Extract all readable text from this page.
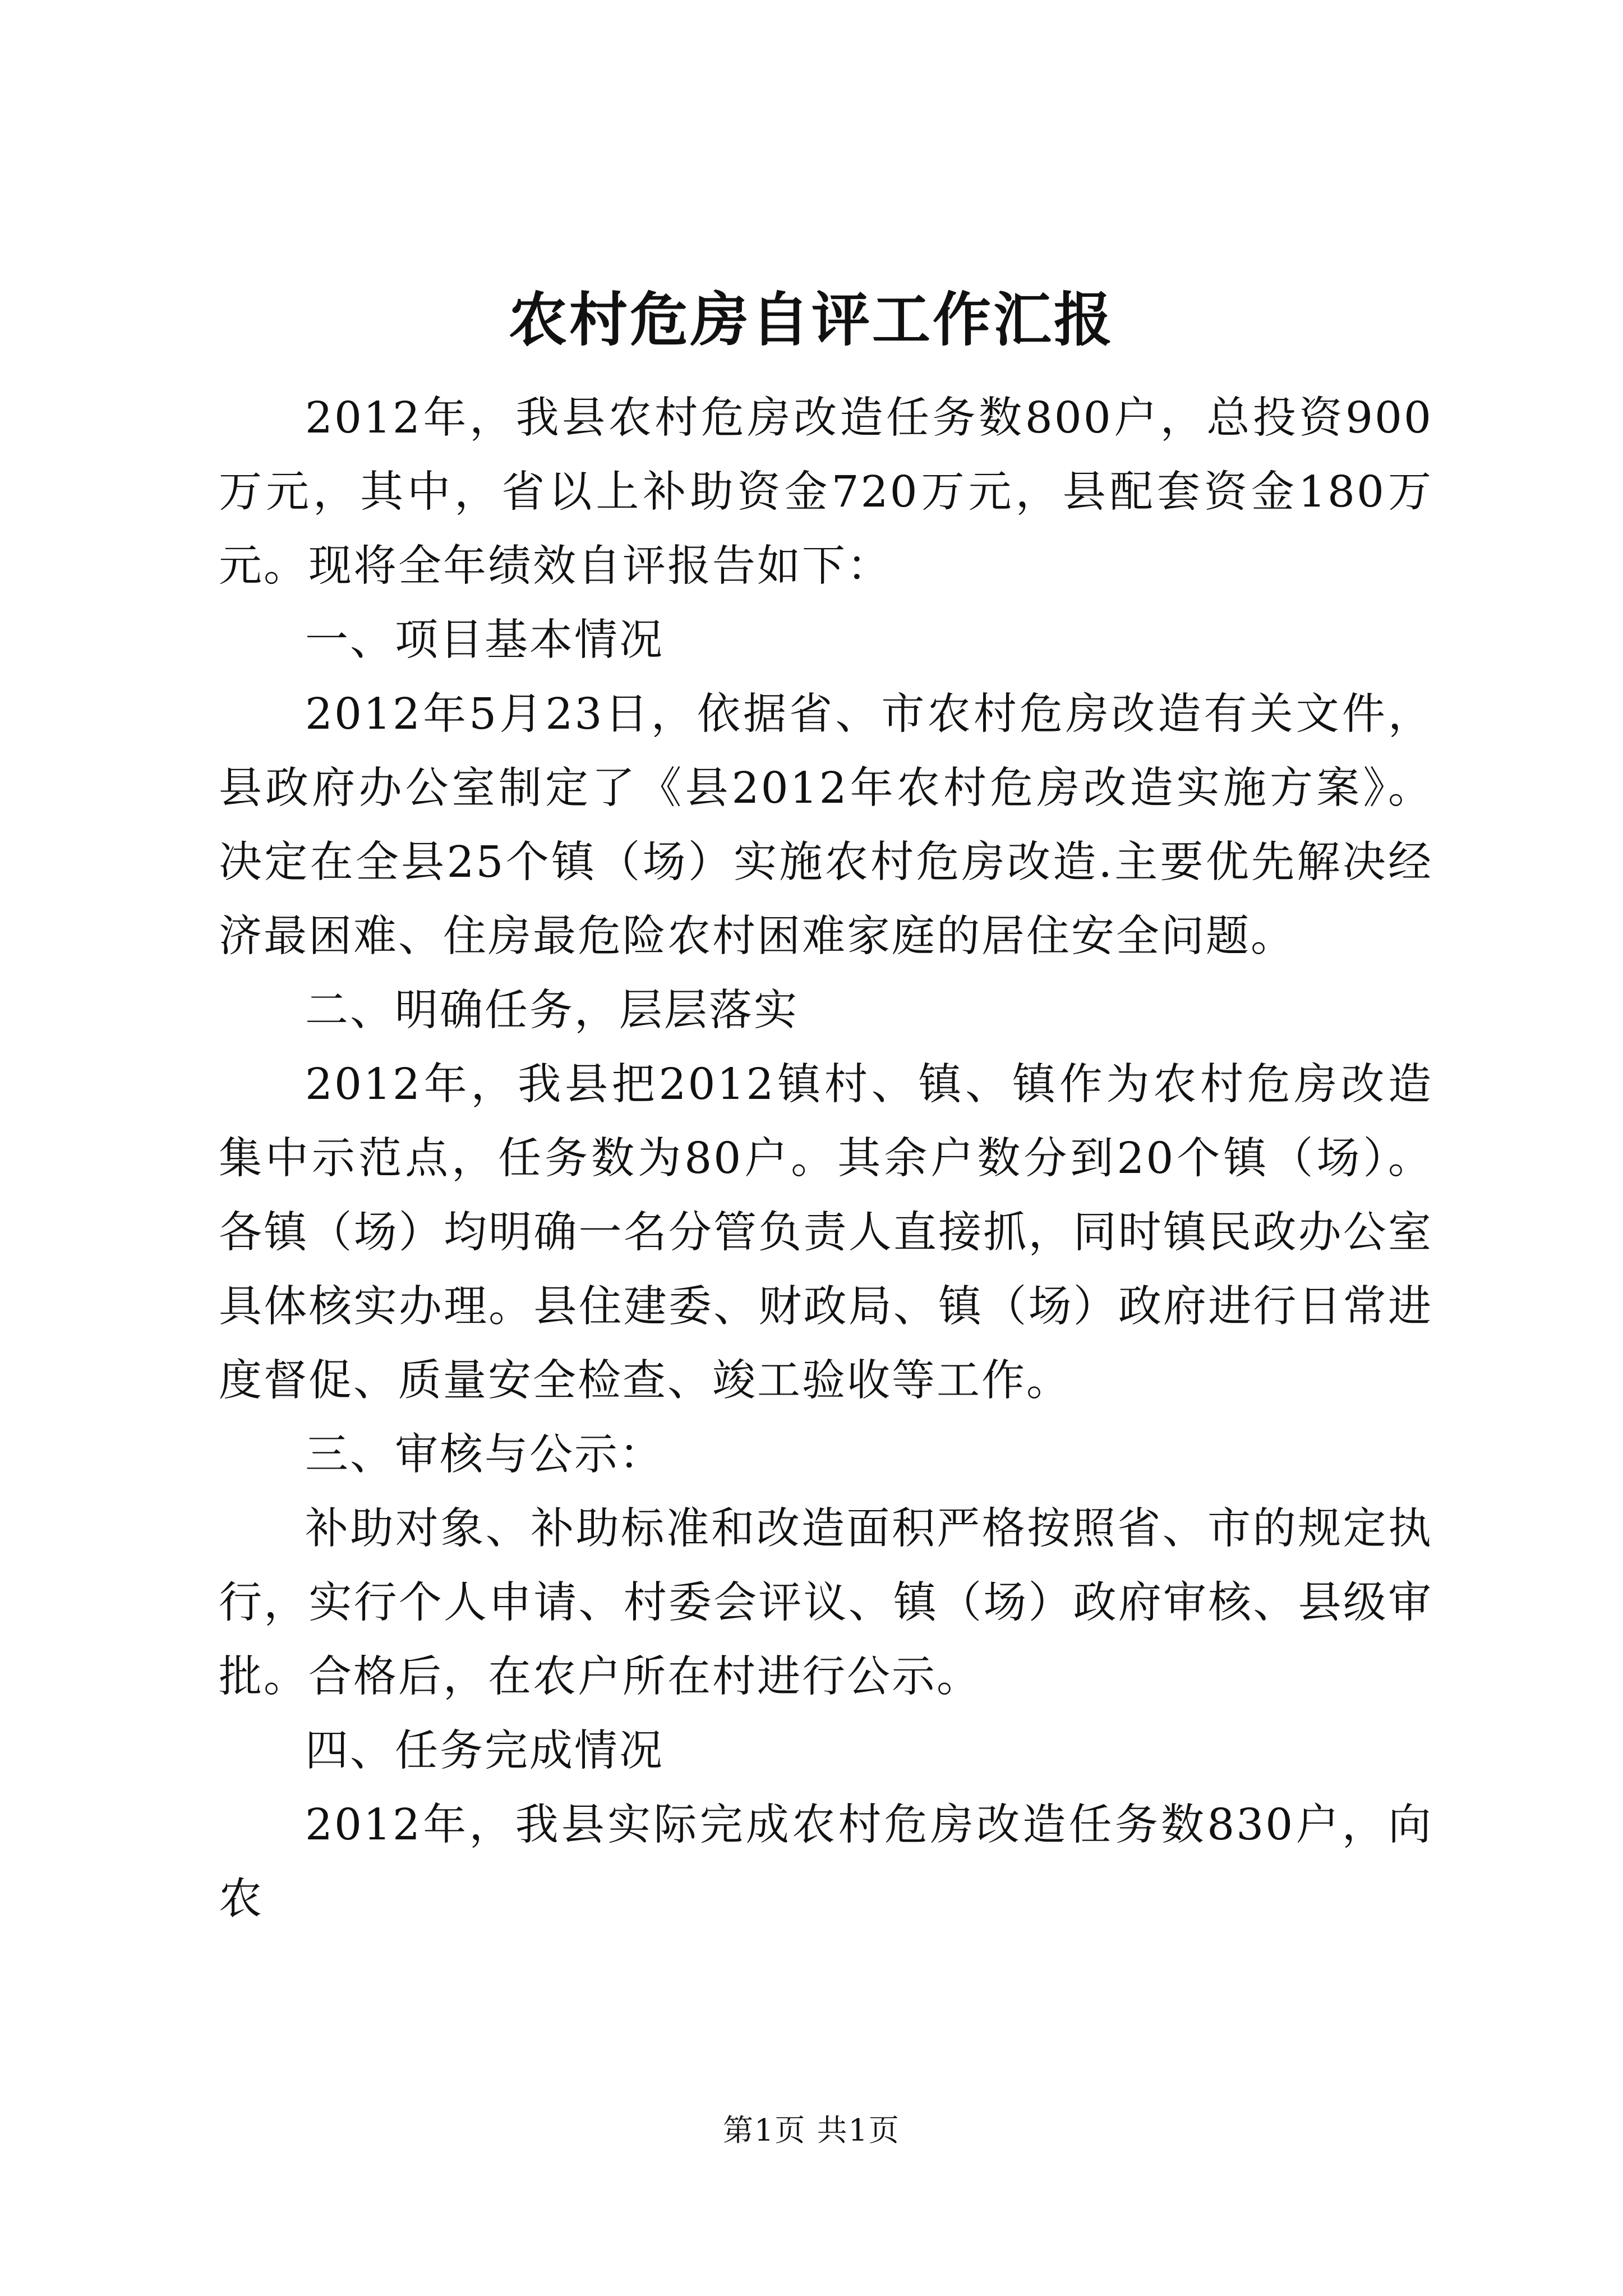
农村危房自评工作汇报

2012年，我县农村危房改造任务数800户，总投资900万元，其中，省以上补助资金720万元，县配套资金180万元。现将全年绩效自评报告如下：

一、项目基本情况

2012年5月23日，依据省、市农村危房改造有关文件，县政府办公室制定了《县2012年农村危房改造实施方案》。决定在全县25个镇（场）实施农村危房改造.主要优先解决经济最困难、住房最危险农村困难家庭的居住安全问题。

二、明确任务，层层落实

2012年，我县把2012镇村、镇、镇作为农村危房改造集中示范点，任务数为80户。其余户数分到20个镇（场）。各镇（场）均明确一名分管负责人直接抓，同时镇民政办公室具体核实办理。县住建委、财政局、镇（场）政府进行日常进度督促、质量安全检查、竣工验收等工作。

三、审核与公示：

补助对象、补助标准和改造面积严格按照省、市的规定执行，实行个人申请、村委会评议、镇（场）政府审核、县级审批。合格后，在农户所在村进行公示。

四、任务完成情况

2012年，我县实际完成农村危房改造任务数830户，向农

第1页 共1页
